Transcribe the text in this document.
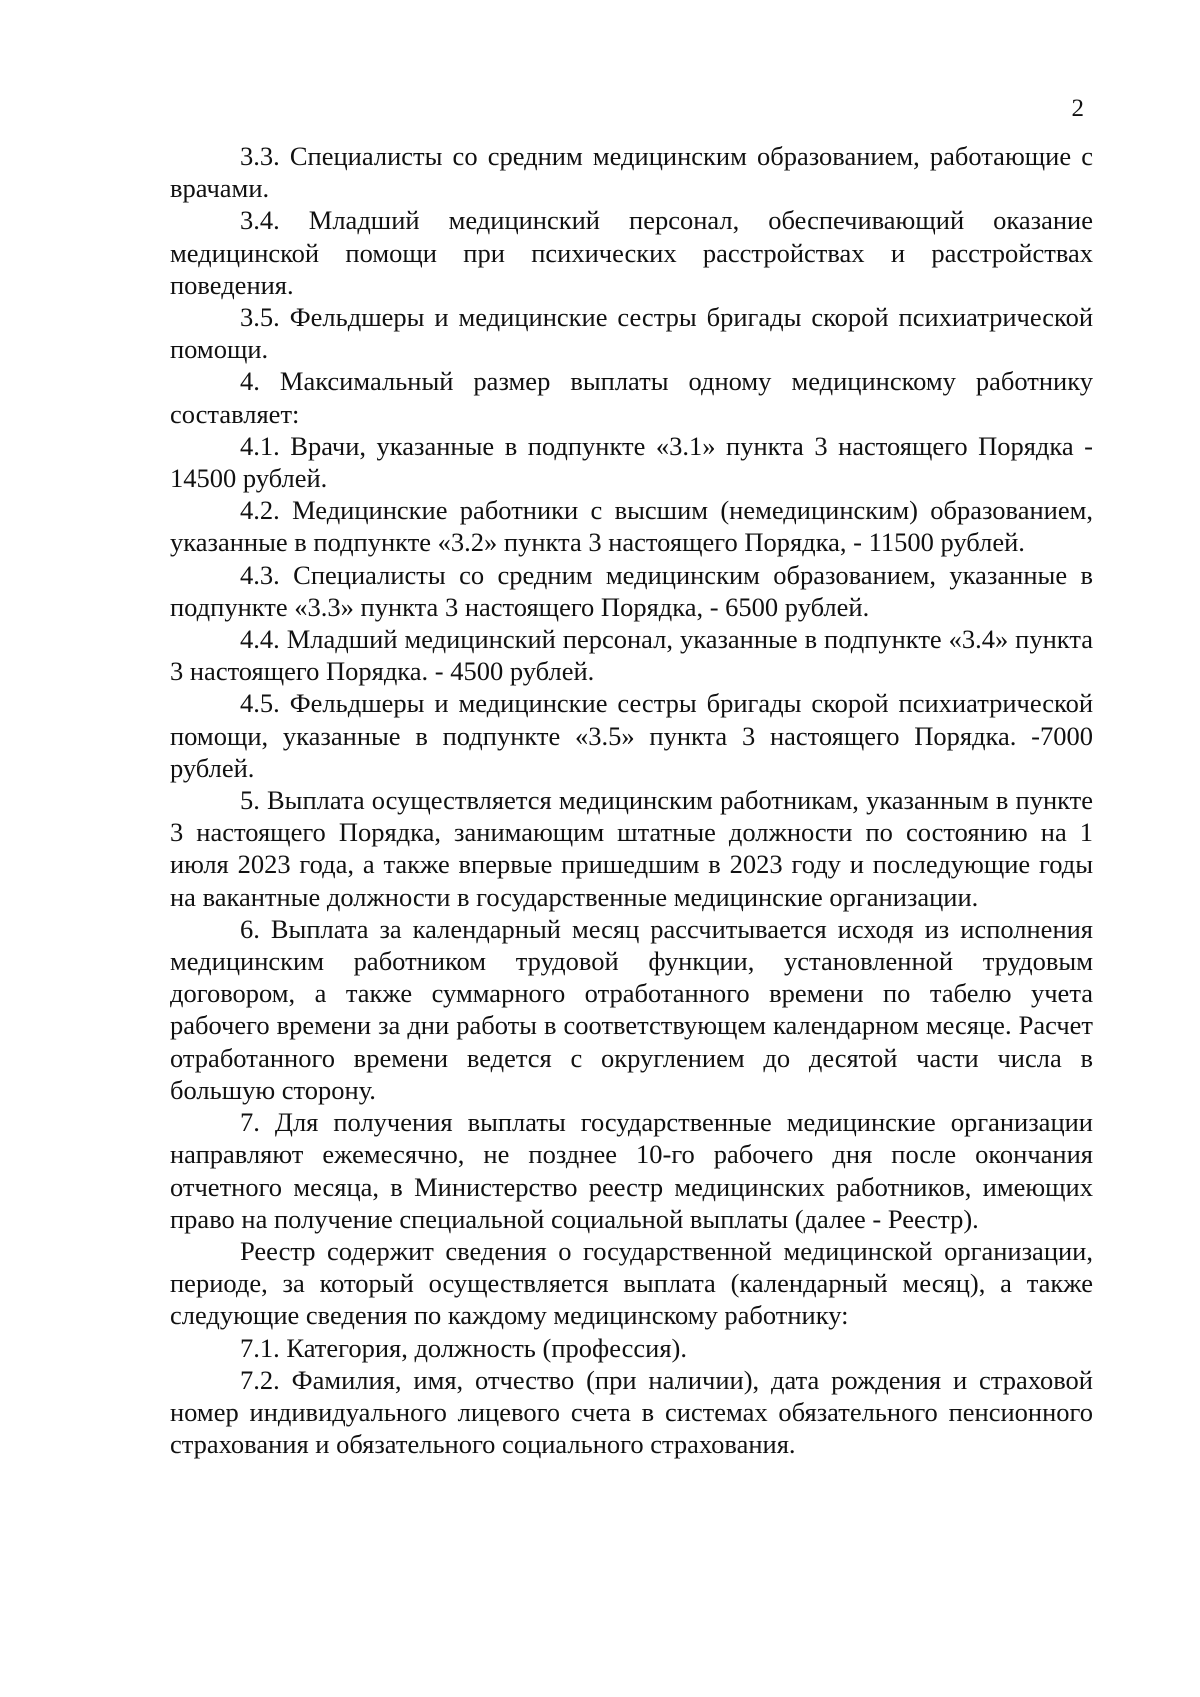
2

3.3. Специалисты со средним медицинским образованием, работающие с врачами.

3.4. Младший медицинский персонал, обеспечивающий оказание медицинской помощи при психических расстройствах и расстройствах поведения.

3.5. Фельдшеры и медицинские сестры бригады скорой психиатрической помощи.

4. Максимальный размер выплаты одному медицинскому работнику составляет:

4.1. Врачи, указанные в подпункте «3.1» пункта 3 настоящего Порядка - 14500 рублей.

4.2. Медицинские работники с высшим (немедицинским) образованием, указанные в подпункте «3.2» пункта 3 настоящего Порядка, - 11500 рублей.

4.3. Специалисты со средним медицинским образованием, указанные в подпункте «3.3» пункта 3 настоящего Порядка, - 6500 рублей.

4.4. Младший медицинский персонал, указанные в подпункте «3.4» пункта 3 настоящего Порядка. - 4500 рублей.

4.5. Фельдшеры и медицинские сестры бригады скорой психиатрической помощи, указанные в подпункте «3.5» пункта 3 настоящего Порядка. -7000 рублей.

5. Выплата осуществляется медицинским работникам, указанным в пункте 3 настоящего Порядка, занимающим штатные должности по состоянию на 1 июля 2023 года, а также впервые пришедшим в 2023 году и последующие годы на вакантные должности в государственные медицинские организации.

6. Выплата за календарный месяц рассчитывается исходя из исполнения медицинским работником трудовой функции, установленной трудовым договором, а также суммарного отработанного времени по табелю учета рабочего времени за дни работы в соответствующем календарном месяце. Расчет отработанного времени ведется с округлением до десятой части числа в большую сторону.

7. Для получения выплаты государственные медицинские организации направляют ежемесячно, не позднее 10-го рабочего дня после окончания отчетного месяца, в Министерство реестр медицинских работников, имеющих право на получение специальной социальной выплаты (далее - Реестр).

Реестр содержит сведения о государственной медицинской организации, периоде, за который осуществляется выплата (календарный месяц), а также следующие сведения по каждому медицинскому работнику:

7.1. Категория, должность (профессия).

7.2. Фамилия, имя, отчество (при наличии), дата рождения и страховой номер индивидуального лицевого счета в системах обязательного пенсионного страхования и обязательного социального страхования.
